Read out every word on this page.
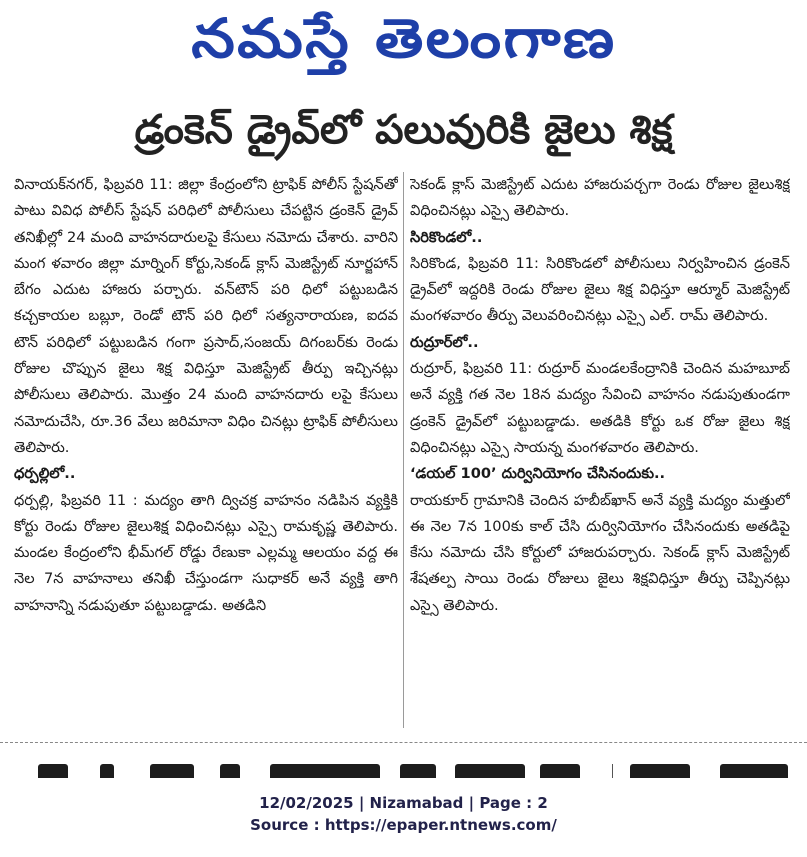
నమస్తే తెలంగాణ
డ్రంకెన్ డ్రైవ్‌లో పలువురికి జైలు శిక్ష

వినాయక్‌నగర్, ఫిబ్రవరి 11: జిల్లా కేంద్రంలోని ట్రాఫిక్ పోలీస్ స్టేషన్‌తో పాటు వివిధ పోలీస్ స్టేషన్ పరిధిలో పోలీసులు చేపట్టిన డ్రంకెన్ డ్రైవ్ తనిఖీల్లో 24 మంది వాహనదారులపై కేసులు నమోదు చేశారు. వారిని మంగ ళవారం జిల్లా మార్నింగ్ కోర్టు,సెకండ్ క్లాస్ మెజిస్ట్రేట్ నూర్జహాన్ బేగం ఎదుట హాజరు పర్చారు. వన్‌టౌన్ పరి ధిలో పట్టుబడిన కచ్చకాయల బబ్లూ, రెండో టౌన్ పరి ధిలో సత్యనారాయణ, ఐదవ టౌన్ పరిధిలో పట్టుబడిన గంగా ప్రసాద్,సంజయ్ దిగంబర్‌కు రెండు రోజుల చొప్పున జైలు శిక్ష విధిస్తూ మెజిస్ట్రేట్ తీర్పు ఇచ్చినట్లు పోలీసులు తెలిపారు. మొత్తం 24 మంది వాహనదారు లపై కేసులు నమోదుచేసి, రూ.36 వేలు జరిమానా విధిం చినట్లు ట్రాఫిక్ పోలీసులు తెలిపారు.

ధర్పల్లిలో..

ధర్పల్లి, ఫిబ్రవరి 11 : మద్యం తాగి ద్విచక్ర వాహనం నడిపిన వ్యక్తికి కోర్టు రెండు రోజుల జైలుశిక్ష విధించినట్లు ఎస్సై రామకృష్ణ తెలిపారు. మండల కేంద్రంలోని భీమ్‌గల్ రోడ్డు రేణుకా ఎల్లమ్మ ఆలయం వద్ద ఈ నెల 7న వాహనాలు తనిఖీ చేస్తుండగా సుధాకర్ అనే వ్యక్తి తాగి వాహనాన్ని నడుపుతూ పట్టుబడ్డాడు. అతడిని

సెకండ్ క్లాస్ మెజిస్ట్రేట్ ఎదుట హాజరుపర్చగా రెండు రోజుల జైలుశిక్ష విధించినట్లు ఎస్సై తెలిపారు.

సిరికొండలో..

సిరికొండ, ఫిబ్రవరి 11: సిరికొండలో పోలీసులు నిర్వహించిన డ్రంకెన్ డ్రైవ్‌లో ఇద్దరికి రెండు రోజుల జైలు శిక్ష విధిస్తూ ఆర్మూర్ మెజిస్ట్రేట్ మంగళవారం తీర్పు వెలువరించినట్లు ఎస్సై ఎల్. రామ్ తెలిపారు.

రుద్రూర్‌లో..

రుద్రూర్, ఫిబ్రవరి 11: రుద్రూర్ మండలకేంద్రానికి చెందిన మహబూబ్ అనే వ్యక్తి గత నెల 18న మద్యం సేవించి వాహనం నడుపుతుండగా డ్రంకెన్ డ్రైవ్‌లో పట్టుబడ్డాడు. అతడికి కోర్టు ఒక రోజు జైలు శిక్ష విధించినట్లు ఎస్సై సాయన్న మంగళవారం తెలిపారు.

‘డయల్ 100’ దుర్వినియోగం చేసినందుకు..

రాయకూర్ గ్రామానికి చెందిన హబీబ్‌ఖాన్ అనే వ్యక్తి మద్యం మత్తులో ఈ నెల 7న 100కు కాల్ చేసి దుర్వినియోగం చేసినందుకు అతడిపై కేసు నమోదు చేసి కోర్టులో హాజరుపర్చారు. సెకండ్ క్లాస్ మెజిస్ట్రేట్ శేషతల్ప సాయి రెండు రోజులు జైలు శిక్షవిధిస్తూ తీర్పు చెప్పినట్లు ఎస్సై తెలిపారు.

12/02/2025 | Nizamabad | Page : 2
Source : https://epaper.ntnews.com/
